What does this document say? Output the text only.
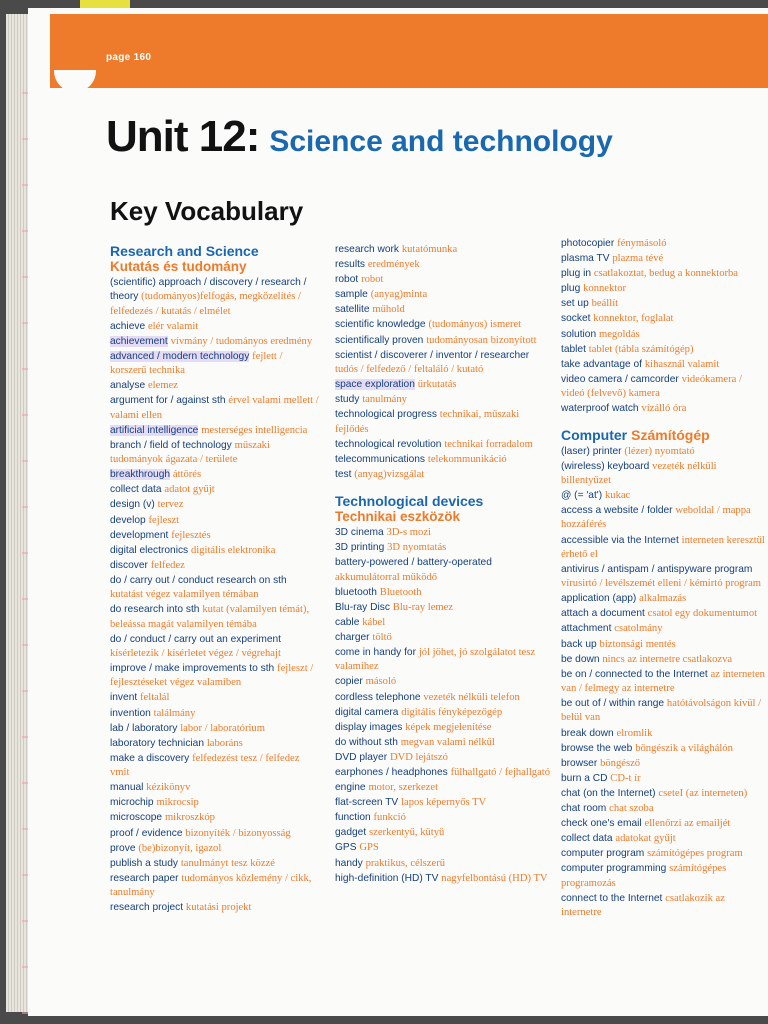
page 160
Unit 12: Science and technology
Key Vocabulary
Research and Science
Kutatás és tudomány
(scientific) approach / discovery / research / theory (tudományos)felfogás, megközelítés / felfedezés / kutatás / elmélet
achieve elér valamit
achievement vívmány / tudományos eredmény
advanced / modern technology fejlett / korszerű technika
analyse elemez
argument for / against sth érvel valami mellett / valami ellen
artificial intelligence mesterséges intelligencia
branch / field of technology műszaki tudományok ágazata / területe
breakthrough áttörés
collect data adatot gyűjt
design (v) tervez
develop fejleszt
development fejlesztés
digital electronics digitális elektronika
discover felfedez
do / carry out / conduct research on sth kutatást végez valamilyen témában
do research into sth kutat (valamilyen témát), beleássa magát valamilyen témába
do / conduct / carry out an experiment kísérletezik / kísérletet végez / végrehajt
improve / make improvements to sth fejleszt / fejlesztéseket végez valamiben
invent feltalál
invention találmány
lab / laboratory labor / laboratórium
laboratory technician laboráns
make a discovery felfedezést tesz / felfedez vmit
manual kézikönyv
microchip mikrocsip
microscope mikroszkóp
proof / evidence bizonyíték / bizonyosság
prove (be)bizonyít, igazol
publish a study tanulmányt tesz közzé
research paper tudományos közlemény / cikk, tanulmány
research project kutatási projekt
research work kutatómunka
results eredmények
robot robot
sample (anyag)minta
satellite műhold
scientific knowledge (tudományos) ismeret
scientifically proven tudományosan bizonyított
scientist / discoverer / inventor / researcher tudós / felfedező / feltaláló / kutató
space exploration űrkutatás
study tanulmány
technological progress technikai, műszaki fejlődés
technological revolution technikai forradalom
telecommunications telekommunikáció
test (anyag)vizsgálat
Technological devices
Technikai eszközök
3D cinema 3D-s mozi
3D printing 3D nyomtatás
battery-powered / battery-operated akkumulátorral működő
bluetooth Bluetooth
Blu-ray Disc Blu-ray lemez
cable kábel
charger töltő
come in handy for jól jöhet, jó szolgálatot tesz valamihez
copier másoló
cordless telephone vezeték nélküli telefon
digital camera digitális fényképezőgép
display images képek megjelenítése
do without sth megvan valami nélkül
DVD player DVD lejátszó
earphones / headphones fülhallgató / fejhallgató
engine motor, szerkezet
flat-screen TV lapos képernyős TV
function funkció
gadget szerkentyű, kütyü
GPS GPS
handy praktikus, célszerű
high-definition (HD) TV nagyfelbontású (HD) TV
photocopier fénymásoló
plasma TV plazma tévé
plug in csatlakoztat, bedug a konnektorba
plug konnektor
set up beállít
socket konnektor, foglalat
solution megoldás
tablet tablet (tábla számítógép)
take advantage of kihasznál valamit
video camera / camcorder videókamera / videó (felvevő) kamera
waterproof watch vízálló óra
Computer Számítógép
(laser) printer (lézer) nyomtató
(wireless) keyboard vezeték nélküli billentyűzet
@ (= 'at') kukac
access a website / folder weboldal / mappa hozzáférés
accessible via the Internet interneten keresztül érhető el
antivirus / antispam / antispyware program vírusirtó / levélszemét elleni / kémirtó program
application (app) alkalmazás
attach a document csatol egy dokumentumot
attachment csatolmány
back up biztonsági mentés
be down nincs az internetre csatlakozva
be on / connected to the Internet az interneten van / felmegy az internetre
be out of / within range hatótávolságon kívül / belül van
break down elromlik
browse the web böngészik a világhálón
browser böngésző
burn a CD CD-t ír
chat (on the Internet) cseteI (az interneten)
chat room chat szoba
check one's email ellenőrzi az emailjét
collect data adatokat gyűjt
computer program számítógépes program
computer programming számítógépes programozás
connect to the Internet csatlakozik az internetre
